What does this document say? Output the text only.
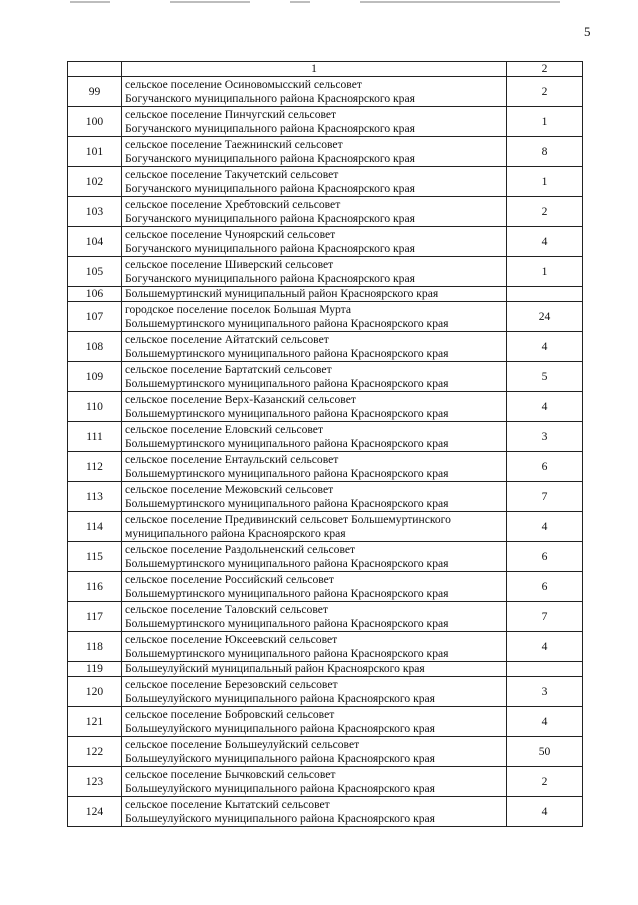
5
	1	2
99	сельское поселение Осиновомысский сельсовет
Богучанского муниципального района Красноярского края	2
100	сельское поселение Пинчугский сельсовет
Богучанского муниципального района Красноярского края	1
101	сельское поселение Таежнинский сельсовет
Богучанского муниципального района Красноярского края	8
102	сельское поселение Такучетский сельсовет
Богучанского муниципального района Красноярского края	1
103	сельское поселение Хребтовский сельсовет
Богучанского муниципального района Красноярского края	2
104	сельское поселение Чуноярский сельсовет
Богучанского муниципального района Красноярского края	4
105	сельское поселение Шиверский сельсовет
Богучанского муниципального района Красноярского края	1
106	Большемуртинский муниципальный район Красноярского края	

107	городское поселение поселок Большая Мурта
Большемуртинского муниципального района Красноярского края	24
108	сельское поселение Айтатский сельсовет
Большемуртинского муниципального района Красноярского края	4
109	сельское поселение Бартатский сельсовет
Большемуртинского муниципального района Красноярского края	5
110	сельское поселение Верх-Казанский сельсовет
Большемуртинского муниципального района Красноярского края	4
111	сельское поселение Еловский сельсовет
Большемуртинского муниципального района Красноярского края	3
112	сельское поселение Ентаульский сельсовет
Большемуртинского муниципального района Красноярского края	6
113	сельское поселение Межовский сельсовет
Большемуртинского муниципального района Красноярского края	7
114	сельское поселение Предивинский сельсовет Большемуртинского
муниципального района Красноярского края	4
115	сельское поселение Раздольненский сельсовет
Большемуртинского муниципального района Красноярского края	6
116	сельское поселение Российский сельсовет
Большемуртинского муниципального района Красноярского края	6
117	сельское поселение Таловский сельсовет
Большемуртинского муниципального района Красноярского края	7
118	сельское поселение Юксеевский сельсовет
Большемуртинского муниципального района Красноярского края	4
119	Большеулуйский муниципальный район Красноярского края	

120	сельское поселение Березовский сельсовет
Большеулуйского муниципального района Красноярского края	3
121	сельское поселение Бобровский сельсовет
Большеулуйского муниципального района Красноярского края	4
122	сельское поселение Большеулуйский сельсовет
Большеулуйского муниципального района Красноярского края	50
123	сельское поселение Бычковский сельсовет
Большеулуйского муниципального района Красноярского края	2
124	сельское поселение Кытатский сельсовет
Большеулуйского муниципального района Красноярского края	4
